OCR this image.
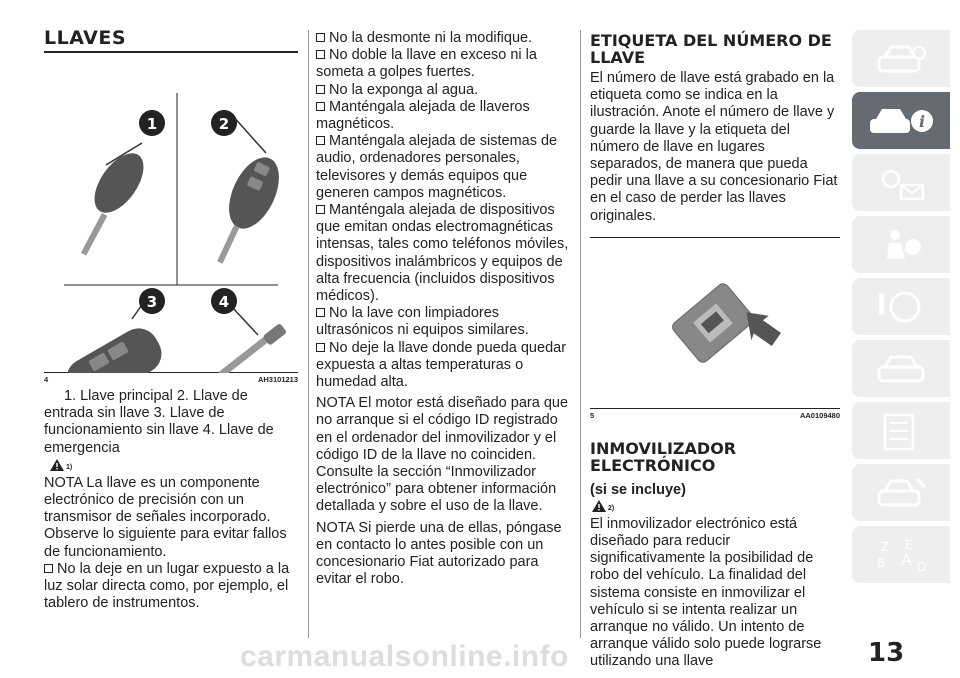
LLAVES
1	2
3	4
4	AH3101213

1. Llave principal 2. Llave de entrada sin llave 3. Llave de funcionamiento sin llave 4. Llave de emergencia

1)

NOTA La llave es un componente electrónico de precisión con un transmisor de señales incorporado. Observe lo siguiente para evitar fallos de funcionamiento.

No la deje en un lugar expuesto a la luz solar directa como, por ejemplo, el tablero de instrumentos.
No la desmonte ni la modifique.
No doble la llave en exceso ni la someta a golpes fuertes.
No la exponga al agua.
Manténgala alejada de llaveros magnéticos.
Manténgala alejada de sistemas de audio, ordenadores personales, televisores y demás equipos que generen campos magnéticos.
Manténgala alejada de dispositivos que emitan ondas electromagnéticas intensas, tales como teléfonos móviles, dispositivos inalámbricos y equipos de alta frecuencia (incluidos dispositivos médicos).
No la lave con limpiadores ultrasónicos ni equipos similares.
No deje la llave donde pueda quedar expuesta a altas temperaturas o humedad alta.

NOTA El motor está diseñado para que no arranque si el código ID registrado en el ordenador del inmovilizador y el código ID de la llave no coinciden. Consulte la sección “Inmovilizador electrónico” para obtener información detallada y sobre el uso de la llave.

NOTA Si pierde una de ellas, póngase en contacto lo antes posible con un concesionario Fiat autorizado para evitar el robo.

ETIQUETA DEL NÚMERO DE LLAVE

El número de llave está grabado en la etiqueta como se indica en la ilustración. Anote el número de llave y guarde la llave y la etiqueta del número de llave en lugares separados, de manera que pueda pedir una llave a su concesionario Fiat en el caso de perder las llaves originales.

5	AA0109480
INMOVILIZADOR ELECTRÓNICO
(si se incluye)
2)

El inmovilizador electrónico está diseñado para reducir significativamente la posibilidad de robo del vehículo. La finalidad del sistema consiste en inmovilizar el vehículo si se intenta realizar un arranque no válido. Un intento de arranque válido solo puede lograrse utilizando una llave

i
Z E
B A D
13
carmanualsonline.info
